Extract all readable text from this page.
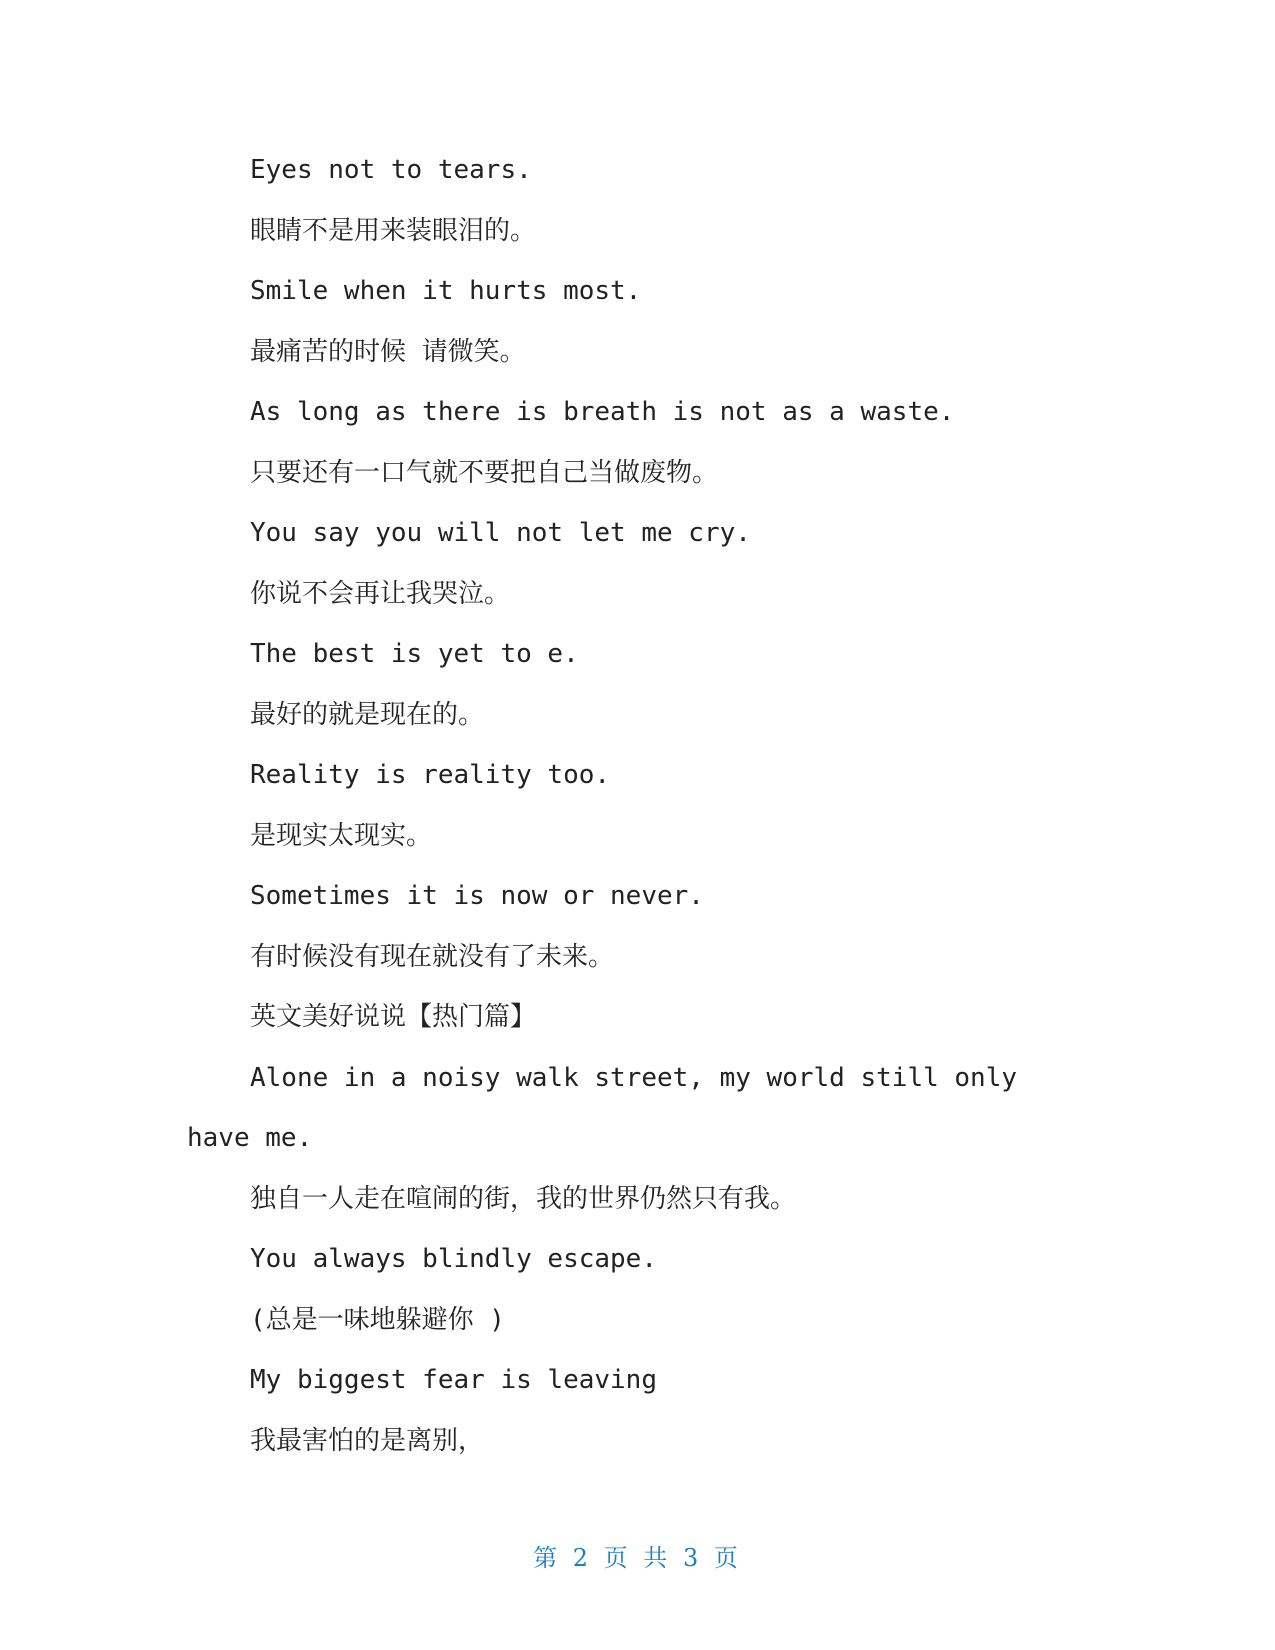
Eyes not to tears.
眼睛不是用来装眼泪的。
Smile when it hurts most.
最痛苦的时候 请微笑。
As long as there is breath is not as a waste.
只要还有一口气就不要把自己当做废物。
You say you will not let me cry.
你说不会再让我哭泣。
The best is yet to e.
最好的就是现在的。
Reality is reality too.
是现实太现实。
Sometimes it is now or never.
有时候没有现在就没有了未来。
英文美好说说【热门篇】
Alone in a noisy walk street, my world still only
have me.
独自一人走在喧闹的街，我的世界仍然只有我。
You always blindly escape.
(总是一味地躲避你 )
My biggest fear is leaving
我最害怕的是离别，
第 2 页 共 3 页
